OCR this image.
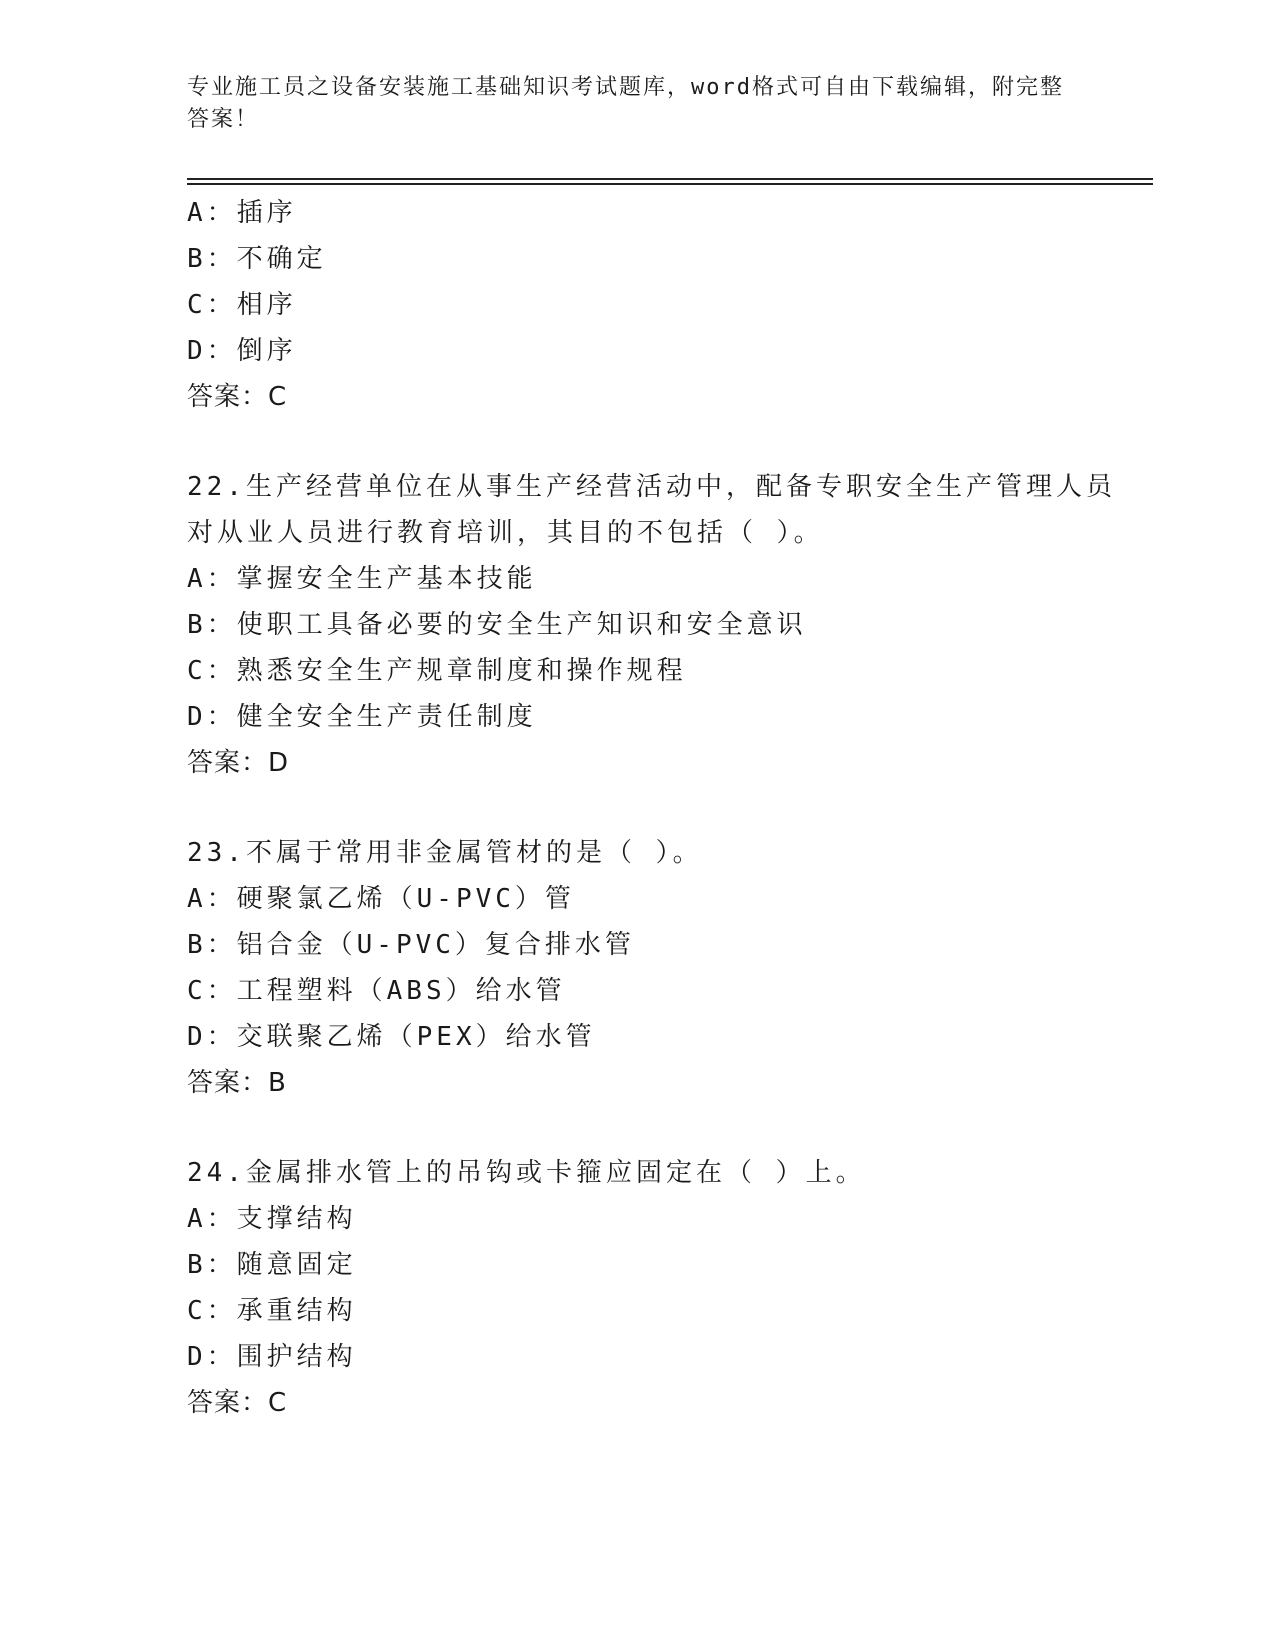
专业施工员之设备安装施工基础知识考试题库，word格式可自由下载编辑，附完整答案！
A：插序
B：不确定
C：相序
D：倒序
答案：C
22.生产经营单位在从事生产经营活动中，配备专职安全生产管理人员
对从业人员进行教育培训，其目的不包括（ ）。
A：掌握安全生产基本技能
B：使职工具备必要的安全生产知识和安全意识
C：熟悉安全生产规章制度和操作规程
D：健全安全生产责任制度
答案：D
23.不属于常用非金属管材的是（ ）。
A：硬聚氯乙烯（U-PVC）管
B：铝合金（U-PVC）复合排水管
C：工程塑料（ABS）给水管
D：交联聚乙烯（PEX）给水管
答案：B
24.金属排水管上的吊钩或卡箍应固定在（ ）上。
A：支撑结构
B：随意固定
C：承重结构
D：围护结构
答案：C
